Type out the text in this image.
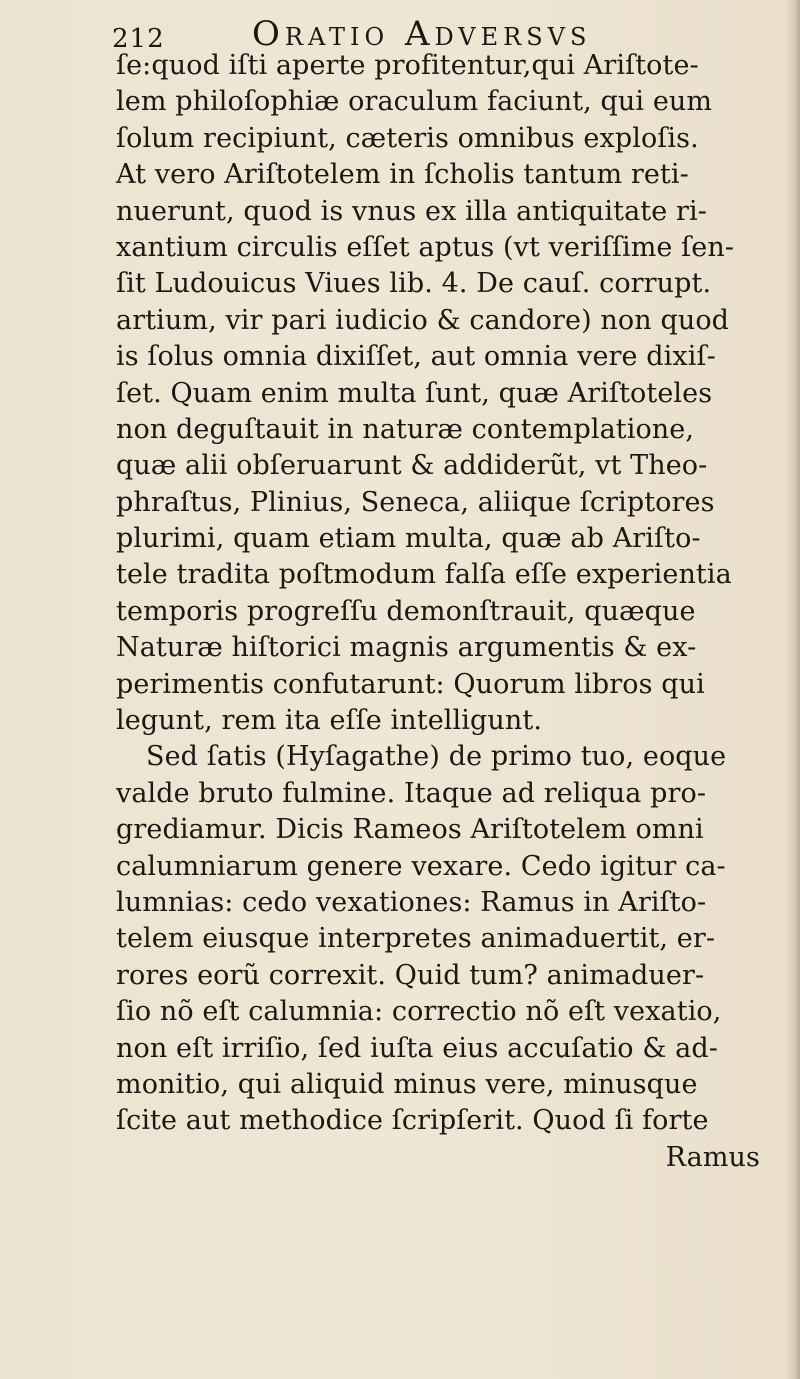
212	Oratio Adversvs
ſe:quod iſti aperte profitentur,qui Ariſtote-
lem philoſophiæ oraculum faciunt, qui eum
ſolum recipiunt, cæteris omnibus exploſis.
At vero Ariſtotelem in ſcholis tantum reti-
nuerunt, quod is vnus ex illa antiquitate ri-
xantium circulis eſſet aptus (vt veriſſime ſen-
ſit Ludouicus Viues lib. 4. De cauſ. corrupt.
artium, vir pari iudicio & candore) non quod
is ſolus omnia dixiſſet, aut omnia vere dixiſ-
ſet. Quam enim multa ſunt, quæ Ariſtoteles
non deguſtauit in naturæ contemplatione,
quæ alii obſeruarunt & addiderũt, vt Theo-
phraſtus, Plinius, Seneca, aliique ſcriptores
plurimi, quam etiam multa, quæ ab Ariſto-
tele tradita poſtmodum falſa eſſe experientia
temporis progreſſu demonſtrauit, quæque
Naturæ hiſtorici magnis argumentis & ex-
perimentis confutarunt: Quorum libros qui
legunt, rem ita eſſe intelligunt.
Sed ſatis (Hyſagathe) de primo tuo, eoque
valde bruto fulmine. Itaque ad reliqua pro-
grediamur. Dicis Rameos Ariſtotelem omni
calumniarum genere vexare. Cedo igitur ca-
lumnias: cedo vexationes: Ramus in Ariſto-
telem eiusque interpretes animaduertit, er-
rores eorũ correxit. Quid tum? animaduer-
ſio nõ eſt calumnia: correctio nõ eſt vexatio,
non eſt irriſio, ſed iuſta eius accuſatio & ad-
monitio, qui aliquid minus vere, minusque
ſcite aut methodice ſcripſerit. Quod ſi forte
Ramus
